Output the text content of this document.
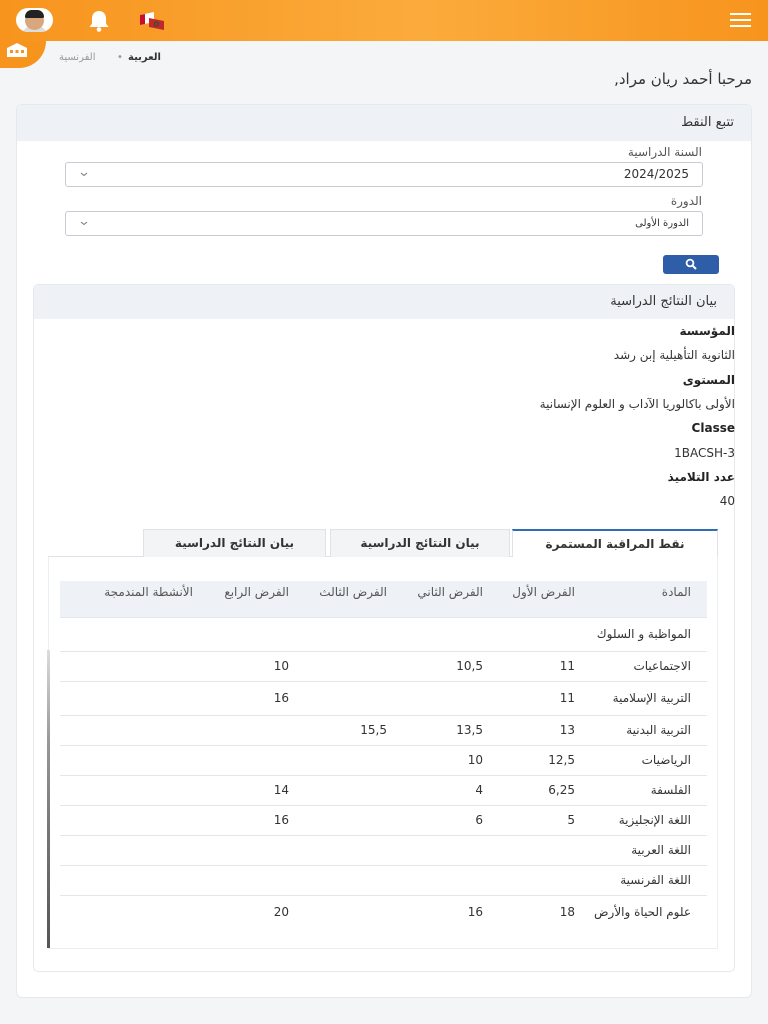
العربية
•
الفرنسية
مرحبا أحمد ريان مراد,
تتبع النقط
السنة الدراسية
2024/2025
الدورة
الدورة الأولى
بيان النتائج الدراسية
المؤسسة
الثانوية التأهيلية إبن رشد
المستوى
الأولى باكالوريا الآداب و العلوم الإنسانية
Classe
1BACSH-3
عدد التلاميذ
40
نقط المراقبة المستمرة
بيان النتائج الدراسية
بيان النتائج الدراسية
المادة	الفرض الأول	الفرض الثاني	الفرض الثالث	الفرض الرابع	الأنشطة المندمجة
المواظبة و السلوك					
الاجتماعيات	11	10,5		10	
التربية الإسلامية	11			16	
التربية البدنية	13	13,5	15,5		
الرياضيات	12,5	10			
الفلسفة	6,25	4		14	
اللغة الإنجليزية	5	6		16	
اللغة العربية					
اللغة الفرنسية					
علوم الحياة والأرض	18	16		20	
